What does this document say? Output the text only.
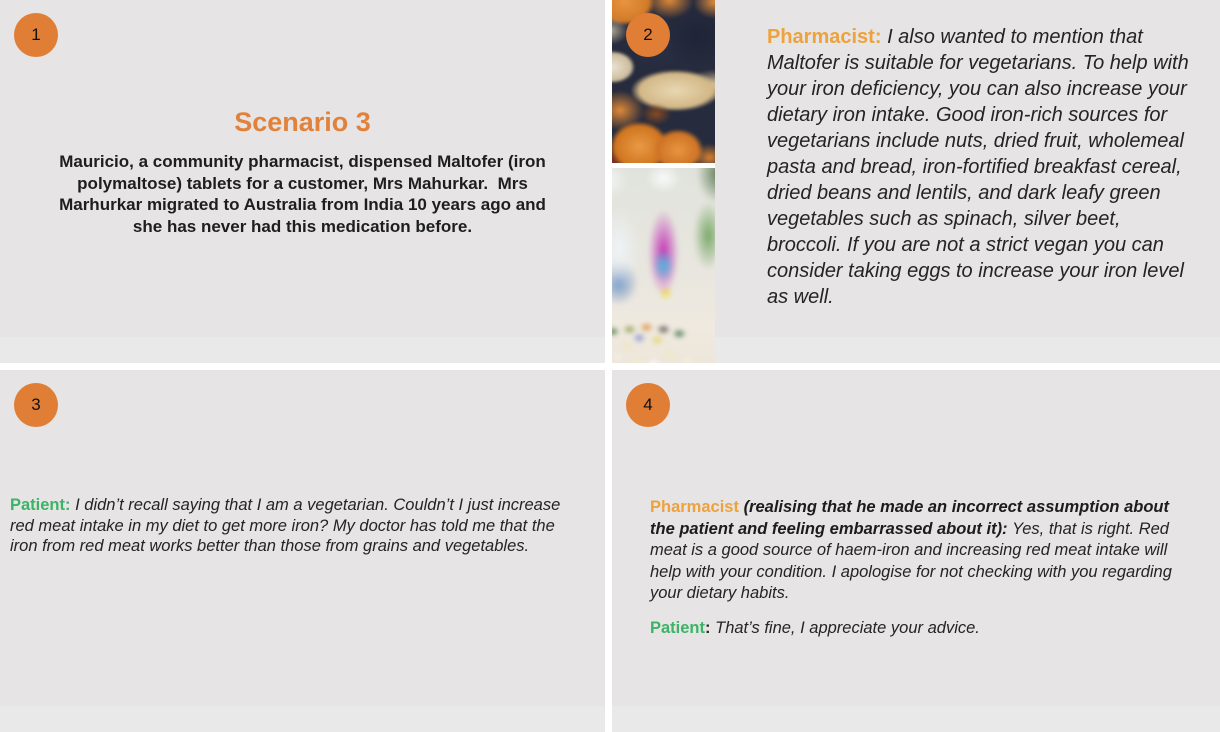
1
Scenario 3

Mauricio, a community pharmacist, dispensed Maltofer (iron polymaltose) tablets for a customer, Mrs Mahurkar.  Mrs Marhurkar migrated to Australia from India 10 years ago and she has never had this medication before.

2	Pharmacist: I also wanted to mention that Maltofer is suitable for vegetarians. To help with your iron deficiency, you can also increase your dietary iron intake. Good iron-rich sources for vegetarians include nuts, dried fruit, wholemeal pasta and bread, iron-fortified breakfast cereal, dried beans and lentils, and dark leafy green vegetables such as spinach, silver beet, broccoli. If you are not a strict vegan you can consider taking eggs to increase your iron level as well.

3

Patient: I didn’t recall saying that I am a vegetarian. Couldn’t I just increase red meat intake in my diet to get more iron? My doctor has told me that the iron from red meat works better than those from grains and vegetables.

4

Pharmacist (realising that he made an incorrect assumption about the patient and feeling embarrassed about it): Yes, that is right. Red meat is a good source of haem-iron and increasing red meat intake will help with your condition. I apologise for not checking with you regarding your dietary habits.

Patient: That’s fine, I appreciate your advice.
